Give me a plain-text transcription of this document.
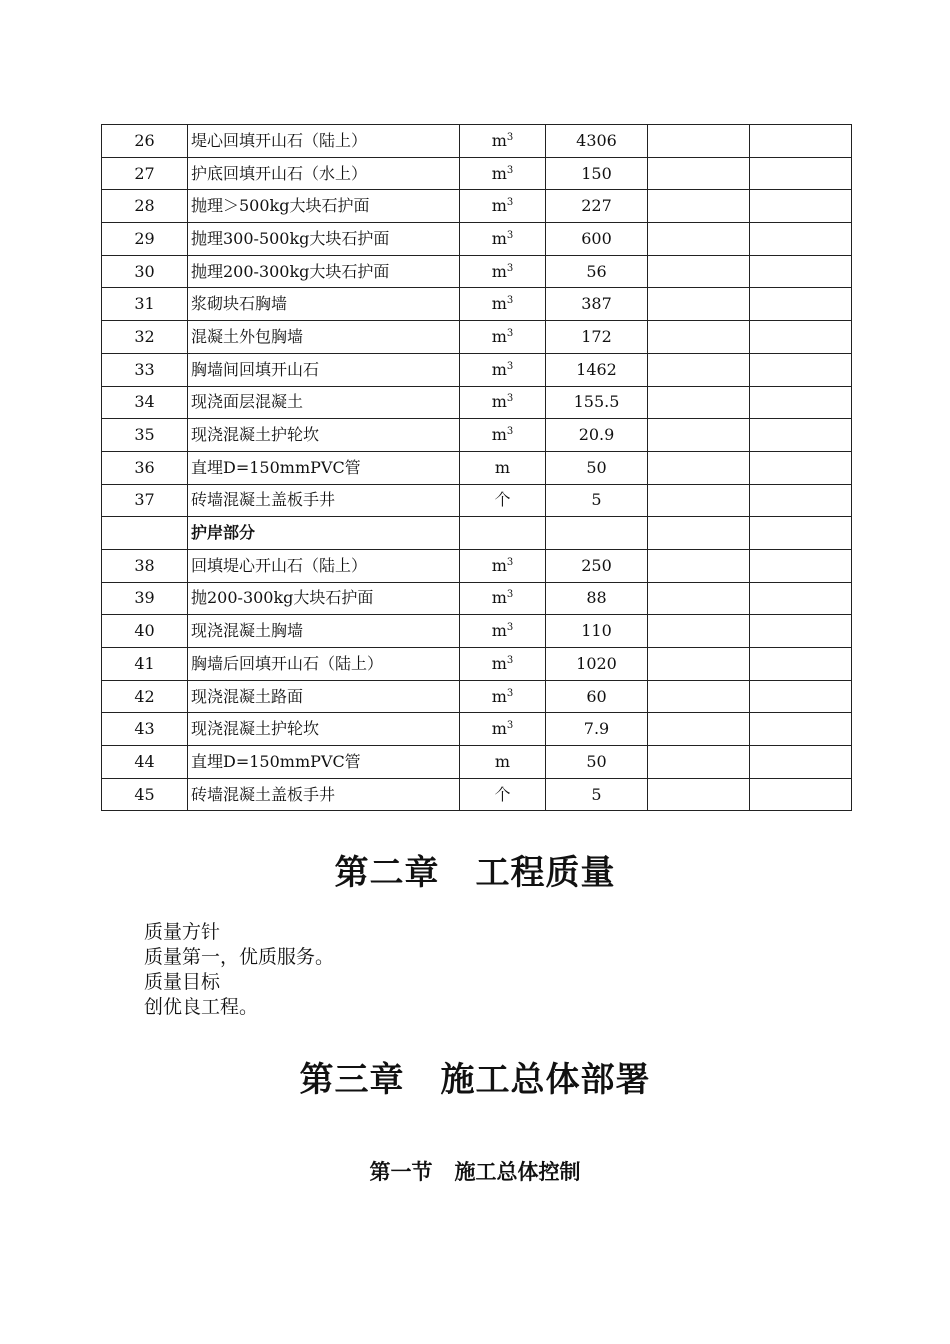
26	堤心回填开山石（陆上）	$m^3$	4306		
27	护底回填开山石（水上）	$m^3$	150		
28	抛理＞500kg大块石护面	$m^3$	227		
29	抛理300-500kg大块石护面	$m^3$	600		
30	抛理200-300kg大块石护面	$m^3$	56		
31	浆砌块石胸墙	$m^3$	387		
32	混凝土外包胸墙	$m^3$	172		
33	胸墙间回填开山石	$m^3$	1462		
34	现浇面层混凝土	$m^3$	155.5		
35	现浇混凝土护轮坎	$m^3$	20.9		
36	直埋D=150mmPVC管	m	50		
37	砖墙混凝土盖板手井	个	5		
	护岸部分				
38	回填堤心开山石（陆上）	$m^3$	250		
39	抛200-300kg大块石护面	$m^3$	88		
40	现浇混凝土胸墙	$m^3$	110		
41	胸墙后回填开山石（陆上）	$m^3$	1020		
42	现浇混凝土路面	$m^3$	60		
43	现浇混凝土护轮坎	$m^3$	7.9		
44	直埋D=150mmPVC管	m	50		
45	砖墙混凝土盖板手井	个	5		
第二章 工程质量
质量方针
质量第一，优质服务。
质量目标
创优良工程。
第三章 施工总体部署
第一节 施工总体控制
